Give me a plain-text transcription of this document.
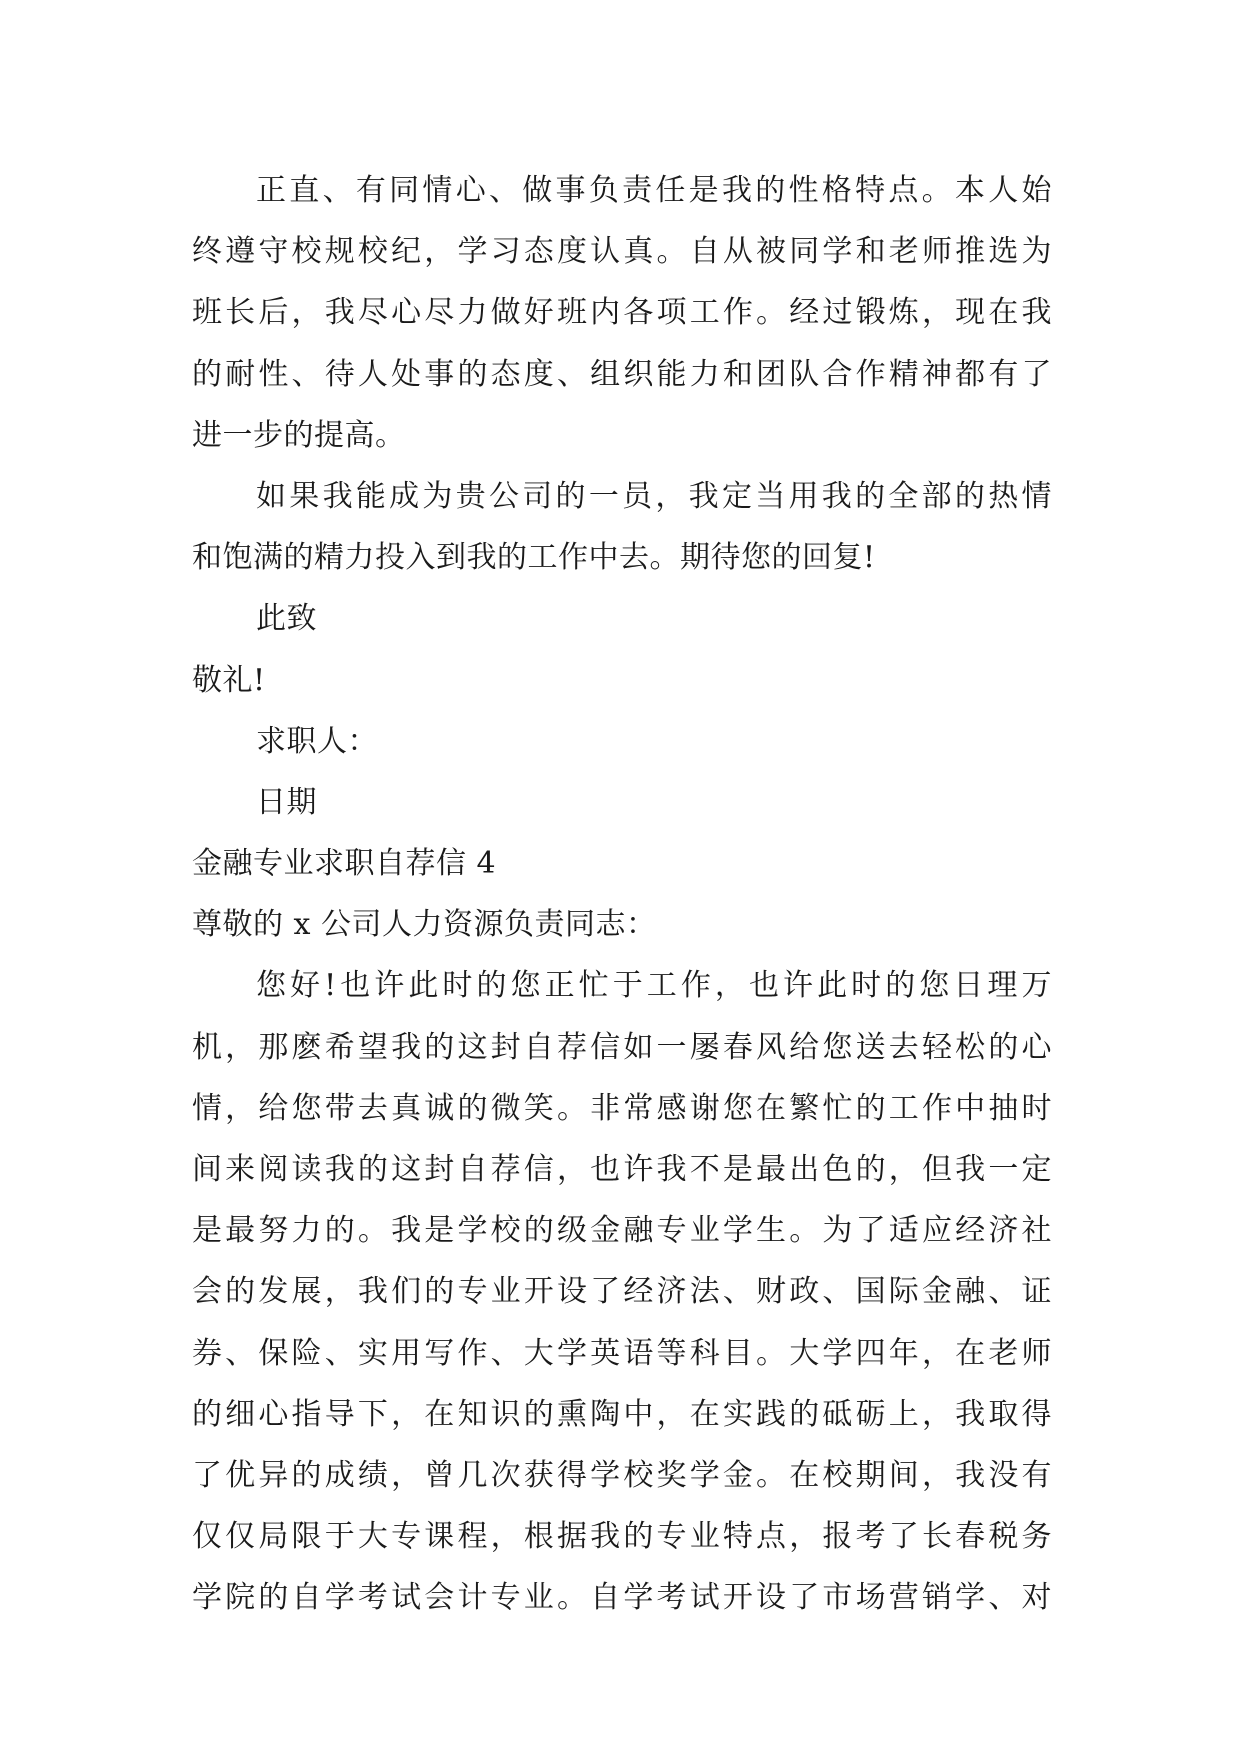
正直、有同情心、做事负责任是我的性格特点。本人始
终遵守校规校纪，学习态度认真。自从被同学和老师推选为
班长后，我尽心尽力做好班内各项工作。经过锻炼，现在我
的耐性、待人处事的态度、组织能力和团队合作精神都有了
进一步的提高。
如果我能成为贵公司的一员，我定当用我的全部的热情
和饱满的精力投入到我的工作中去。期待您的回复!
此致
敬礼!
求职人：
日期
金融专业求职自荐信 4
尊敬的 x 公司人力资源负责同志：
您好!也许此时的您正忙于工作，也许此时的您日理万
机，那麽希望我的这封自荐信如一屡春风给您送去轻松的心
情，给您带去真诚的微笑。非常感谢您在繁忙的工作中抽时
间来阅读我的这封自荐信，也许我不是最出色的，但我一定
是最努力的。我是学校的级金融专业学生。为了适应经济社
会的发展，我们的专业开设了经济法、财政、国际金融、证
券、保险、实用写作、大学英语等科目。大学四年，在老师
的细心指导下，在知识的熏陶中，在实践的砥砺上，我取得
了优异的成绩，曾几次获得学校奖学金。在校期间，我没有
仅仅局限于大专课程，根据我的专业特点，报考了长春税务
学院的自学考试会计专业。自学考试开设了市场营销学、对
